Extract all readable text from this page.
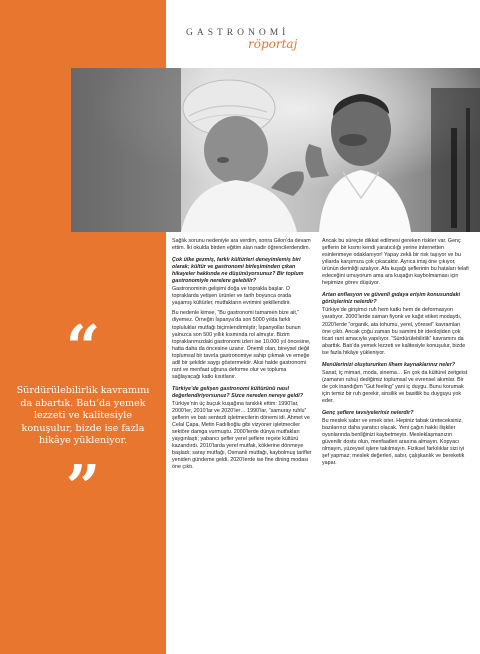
GASTRONOMİ
röportaj
“
Sürdürülebilirlik kavramını da abartık. Batı’da yemek lezzeti ve kalitesiyle konuşulur, bizde ise fazla hikâye yükleniyor.
”

Sağlık sorunu nedeniyle ara verdim, sonra Gilon’da devam ettim. İki okulda birden eğitim alan nadir öğrencilerdendim.

Çok ülke gezmiş, farklı kültürleri deneyimlemiş biri olarak; kültür ve gastronomi birleşiminden çıkan hikayeler hakkında ne düşünüyorsunuz? Bir toplum gastronomiyle nerelere gelebilir?

Gastronominin gelişimi doğa ve toprakla başlar. O topraklarda yetişen ürünler ve tarih boyunca orada yaşamış kültürler, mutfakların evrimini şekillendirir.

Bu nedenle kimse, “Bu gastronomi tamamen bize ait,” diyemez. Örneğin İspanya’da son 5000 yılda farklı topluluklar mutfağı biçimlendirmiştir; İspanyollar bunun yalnızca son 500 yıllık kısmında rol almıştır. Bizim topraklarımızdaki gastronomi izleri ise 10.000 yıl öncesine, hatta daha da öncesine uzanır. Önemli olan, bireysel değil toplumsal bir tavırla gastronomiye sahip çıkmak ve emeğe adil bir şekilde saygı göstermektir. Aksi halde gastronomi rant ve menfaat uğruna deforme olur ve topluma sağlayacağı katkı kısıtlanır.

Türkiye’de gelişen gastronomi kültürünü nasıl değerlendiriyorsunuz? Sizce nereden nereye geldi?

Türkiye’nin üç buçuk kuşağına tanıklık ettim: 1990’lar, 2000’ler, 2010’lar ve 2020’ler… 1990’lar, “samuray ruhlu” şeflerin ve batı sentezli işletmecilerin dönemi idi. Ahmet ve Celal Çapa, Metin Fadıllıoğlu gibi vizyoner işletmeciler sektöre damga vurmuştu. 2000’lerde dünya mutfakları yaygınlaştı; yabancı şefler yerel şeflere reçete kültürü kazandırdı. 2010’larda yerel mutfak, köklerine dönmeye başladı; saray mutfağı, Osmanlı mutfağı, kaybolmuş tarifler yeniden gündeme geldi. 2020’lerde ise fine dining modası öne çıktı.

Ancak bu süreçte dikkat edilmesi gereken riskler var. Genç şeflerin bir kısmı kendi yaratıcılığı yerine internetten esinlenmeye odaklanıyor! Yapay zekâ bir risk taşıyor ve bu yıllarda karşımıza çok çıkacaktır. Ayrıca imaj öne çıkıyor, ürünün derinliği azalıyor. Afa kuşağı şeflerinin bu hataları telafi edeceğini umuyorum ama ara kuşağın kaybolmaması için hepimize görev düşüyor.

Artan enflasyon ve güvenli gıdaya erişim konusundaki görüşleriniz nelerdir?

Türkiye’de girişimci ruh hem katkı hem de deformasyon yaratıyor. 2000’lerde saman fiyonk ve kağıt etiket modaydı, 2020’lerde “organik, ata tohumu, yerel, yöresel” kavramları öne çıktı. Ancak çoğu zaman bu samimi bir ideolojiden çok ticari rant amacıyla yapılıyor. “Sürdürülebilirlik” kavramını da abarttık. Batı’da yemek lezzeti ve kalitesiyle konuşulur, bizde ise fazla hikâye yükleniyor.

Menülerinizi oluştururken ilham kaynaklarınız neler?

Sanat, iç mimari, moda, sinema… En çok da kültürel zeitgeist (zamanın ruhu) dediğimiz toplumsal ve evrensel akımlar. Bir de çok inandığım “Gut feeling” yani iç duygu. Bunu korumak için temiz bir ruh gerekir, sinsilik ve basitlik bu duyguyu yok eder.

Genç şeflere tavsiyeleriniz nelerdir?

Bu meslek sabır ve emek ister. Hepiniz tabak üreteceksiniz, bazılarınız daha yaratıcı olacak. Yeni çağın hakkı ilişkiler oyunlarında benliğinizi kaybetmeyin. Mesleklaşmanızın güvenilir dostu olun, menfaatleri arasına almayın. Kopyacı olmayın, yüzeysel işlere takılmayın. Fiziksel farkılıklar sizi iyi şef yapmaz; meslek değerleri, sabır, çalışkanlık ve bereketik yapar.
